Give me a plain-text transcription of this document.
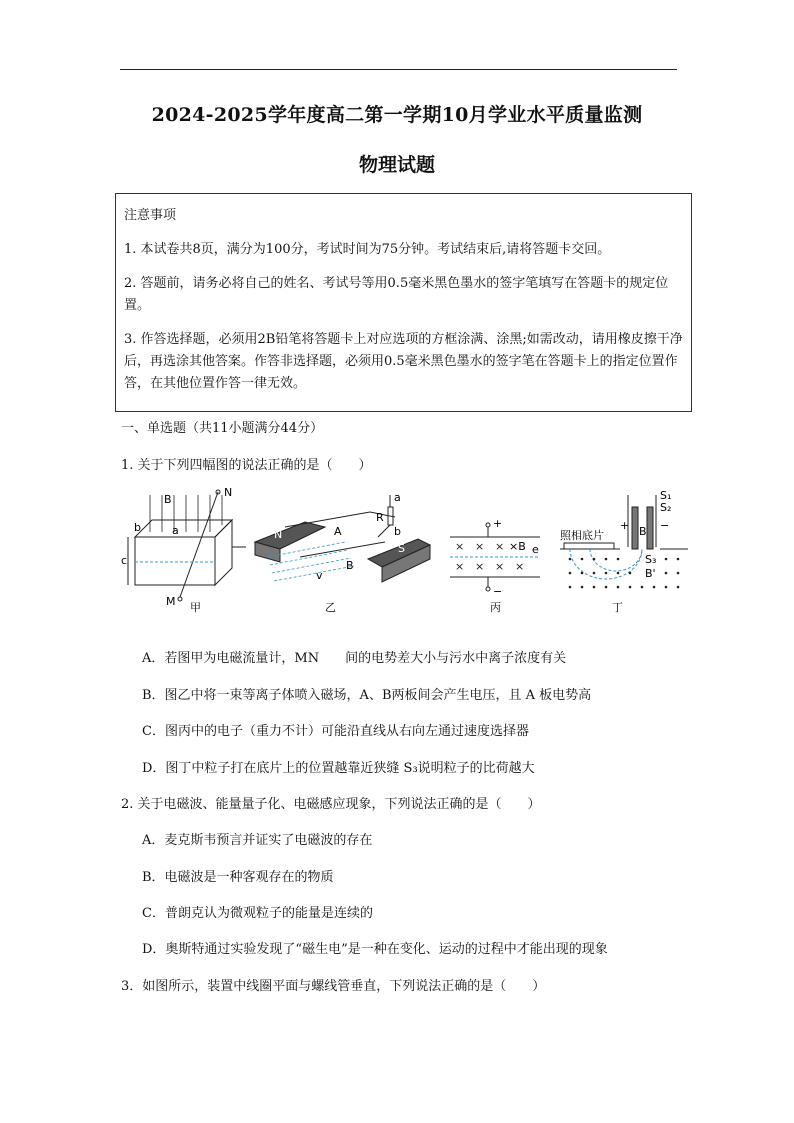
2024-2025学年度高二第一学期10月学业水平质量监测
物理试题
注意事项

1. 本试卷共8页，满分为100分，考试时间为75分钟。考试结束后,请将答题卡交回。

2. 答题前，请务必将自己的姓名、考试号等用0.5毫米黑色墨水的签字笔填写在答题卡的规定位置。

3. 作答选择题，必须用2B铅笔将答题卡上对应选项的方框涂满、涂黑;如需改动，请用橡皮擦干净后，再选涂其他答案。作答非选择题，必须用0.5毫米黑色墨水的签字笔在答题卡上的指定位置作答，在其他位置作答一律无效。

一、单选题（共11小题满分44分）
1. 关于下列四幅图的说法正确的是（　　）
B
N
b	a
c
M 甲
N
S
A
B
R
a
b
v
乙
× ×
× × × ×
×
+
−
×B e
丙
S₁
S₂
B
S₃
B'
照相底片
+	−
丁
A．若图甲为电磁流量计，MN　　间的电势差大小与污水中离子浓度有关
B．图乙中将一束等离子体喷入磁场，A、B两板间会产生电压，且 A 板电势高
C．图丙中的电子（重力不计）可能沿直线从右向左通过速度选择器
D．图丁中粒子打在底片上的位置越靠近狭缝 S₃说明粒子的比荷越大
2. 关于电磁波、能量量子化、电磁感应现象，下列说法正确的是（　　）
A．麦克斯韦预言并证实了电磁波的存在
B．电磁波是一种客观存在的物质
C．普朗克认为微观粒子的能量是连续的
D．奥斯特通过实验发现了“磁生电”是一种在变化、运动的过程中才能出现的现象
3．如图所示，装置中线圈平面与螺线管垂直，下列说法正确的是（　　）
